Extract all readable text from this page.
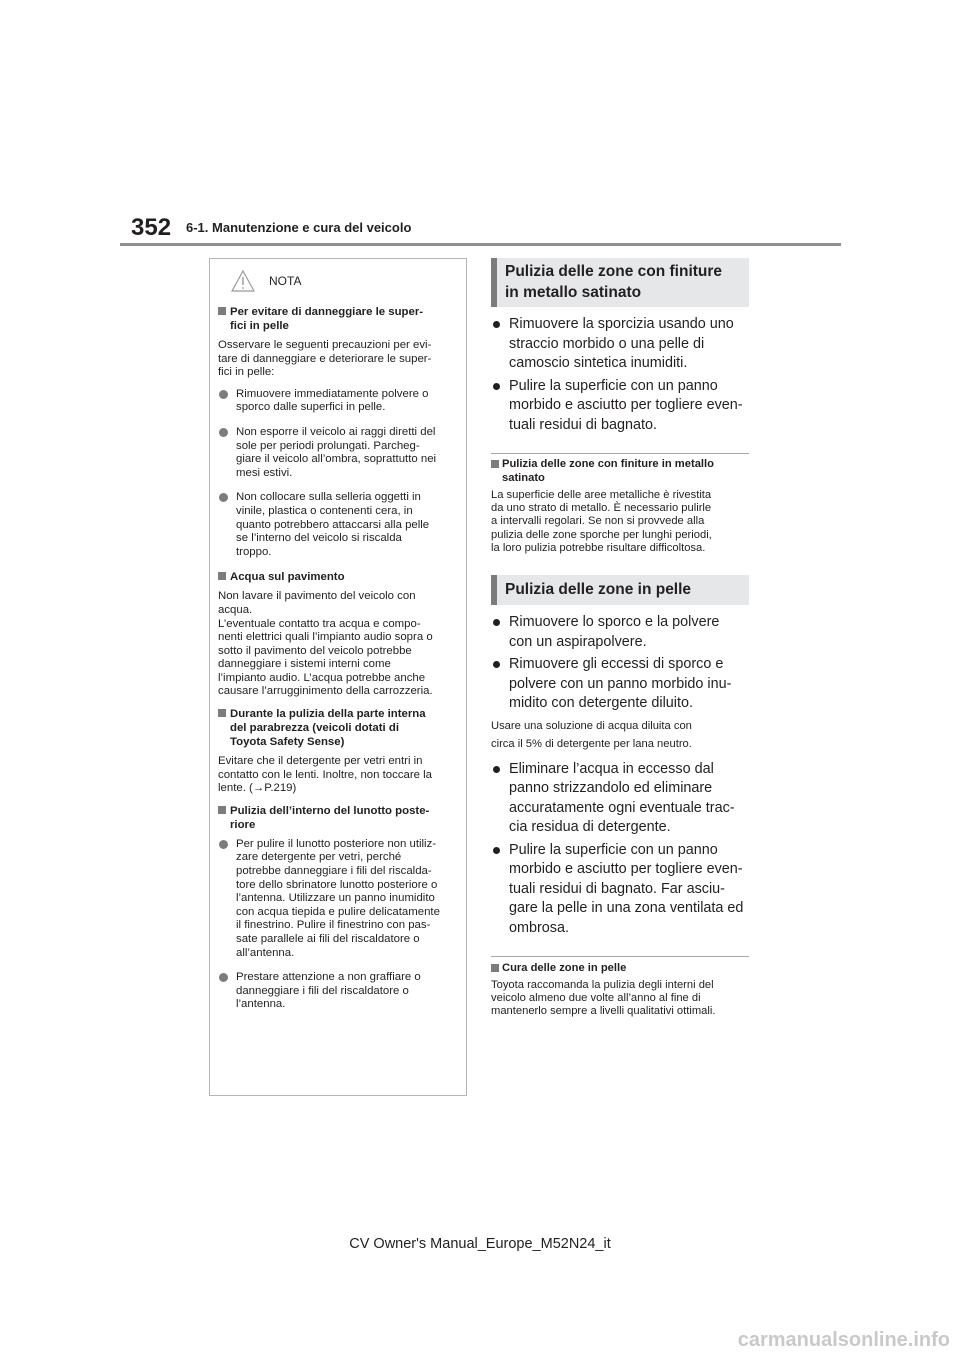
352 6-1. Manutenzione e cura del veicolo
NOTA
Per evitare di danneggiare le super-
fici in pelle

Osservare le seguenti precauzioni per evi-
tare di danneggiare e deteriorare le super-
fici in pelle:

Rimuovere immediatamente polvere o
sporco dalle superfici in pelle.
Non esporre il veicolo ai raggi diretti del
sole per periodi prolungati. Parcheg-
giare il veicolo all’ombra, soprattutto nei
mesi estivi.
Non collocare sulla selleria oggetti in
vinile, plastica o contenenti cera, in
quanto potrebbero attaccarsi alla pelle
se l’interno del veicolo si riscalda
troppo.
Acqua sul pavimento

Non lavare il pavimento del veicolo con
acqua.
L’eventuale contatto tra acqua e compo-
nenti elettrici quali l’impianto audio sopra o
sotto il pavimento del veicolo potrebbe
danneggiare i sistemi interni come
l’impianto audio. L’acqua potrebbe anche
causare l’arrugginimento della carrozzeria.

Durante la pulizia della parte interna
del parabrezza (veicoli dotati di
Toyota Safety Sense)

Evitare che il detergente per vetri entri in
contatto con le lenti. Inoltre, non toccare la
lente. (→P.219)

Pulizia dell’interno del lunotto poste-
riore
Per pulire il lunotto posteriore non utiliz-
zare detergente per vetri, perché
potrebbe danneggiare i fili del riscalda-
tore dello sbrinatore lunotto posteriore o
l’antenna. Utilizzare un panno inumidito
con acqua tiepida e pulire delicatamente
il finestrino. Pulire il finestrino con pas-
sate parallele ai fili del riscaldatore o
all’antenna.
Prestare attenzione a non graffiare o
danneggiare i fili del riscaldatore o
l’antenna.
Pulizia delle zone con finiture
in metallo satinato
Rimuovere la sporcizia usando uno
straccio morbido o una pelle di
camoscio sintetica inumiditi.
Pulire la superficie con un panno
morbido e asciutto per togliere even-
tuali residui di bagnato.
Pulizia delle zone con finiture in metallo
satinato

La superficie delle aree metalliche è rivestita
da uno strato di metallo. È necessario pulirle
a intervalli regolari. Se non si provvede alla
pulizia delle zone sporche per lunghi periodi,
la loro pulizia potrebbe risultare difficoltosa.

Pulizia delle zone in pelle
Rimuovere lo sporco e la polvere
con un aspirapolvere.
Rimuovere gli eccessi di sporco e
polvere con un panno morbido inu-
midito con detergente diluito.

Usare una soluzione di acqua diluita con
circa il 5% di detergente per lana neutro.

Eliminare l’acqua in eccesso dal
panno strizzandolo ed eliminare
accuratamente ogni eventuale trac-
cia residua di detergente.
Pulire la superficie con un panno
morbido e asciutto per togliere even-
tuali residui di bagnato. Far asciu-
gare la pelle in una zona ventilata ed
ombrosa.
Cura delle zone in pelle

Toyota raccomanda la pulizia degli interni del
veicolo almeno due volte all’anno al fine di
mantenerlo sempre a livelli qualitativi ottimali.

CV Owner's Manual_Europe_M52N24_it
carmanualsonline.info
